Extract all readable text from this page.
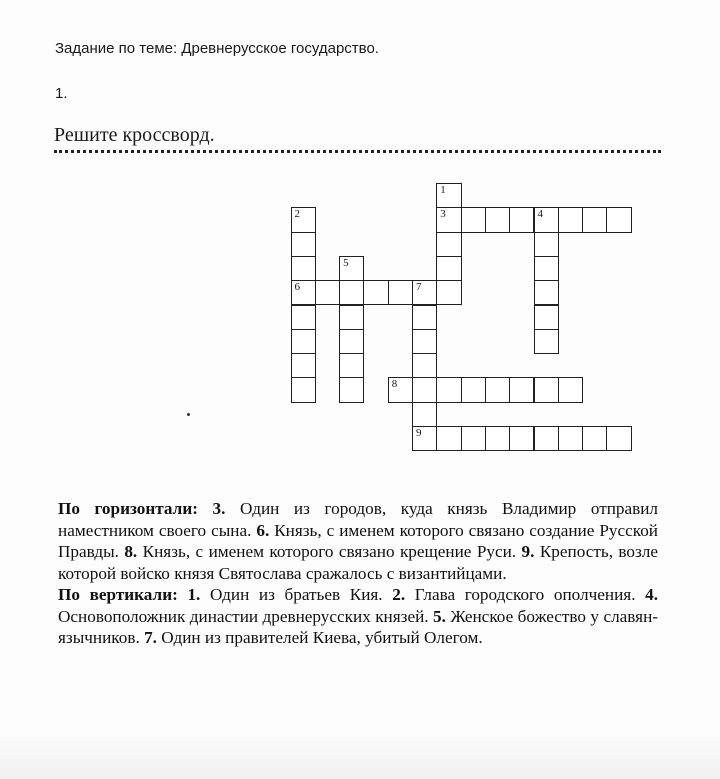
Задание по теме: Древнерусское государство.
1.
Решите кроссворд.
3	4
6	7
8
9
1
2
5

По горизонтали: 3. Один из городов, куда князь Владимир отправил наместником своего сына. 6. Князь, с именем которого связано создание Русской Правды. 8. Князь, с именем которого связано крещение Руси. 9. Крепость, возле которой войско князя Святослава сражалось с византийцами.

По вертикали: 1. Один из братьев Кия. 2. Глава городского ополчения. 4. Основоположник династии древнерусских князей. 5. Женское божество у славян-язычников. 7. Один из правителей Киева, убитый Олегом.
